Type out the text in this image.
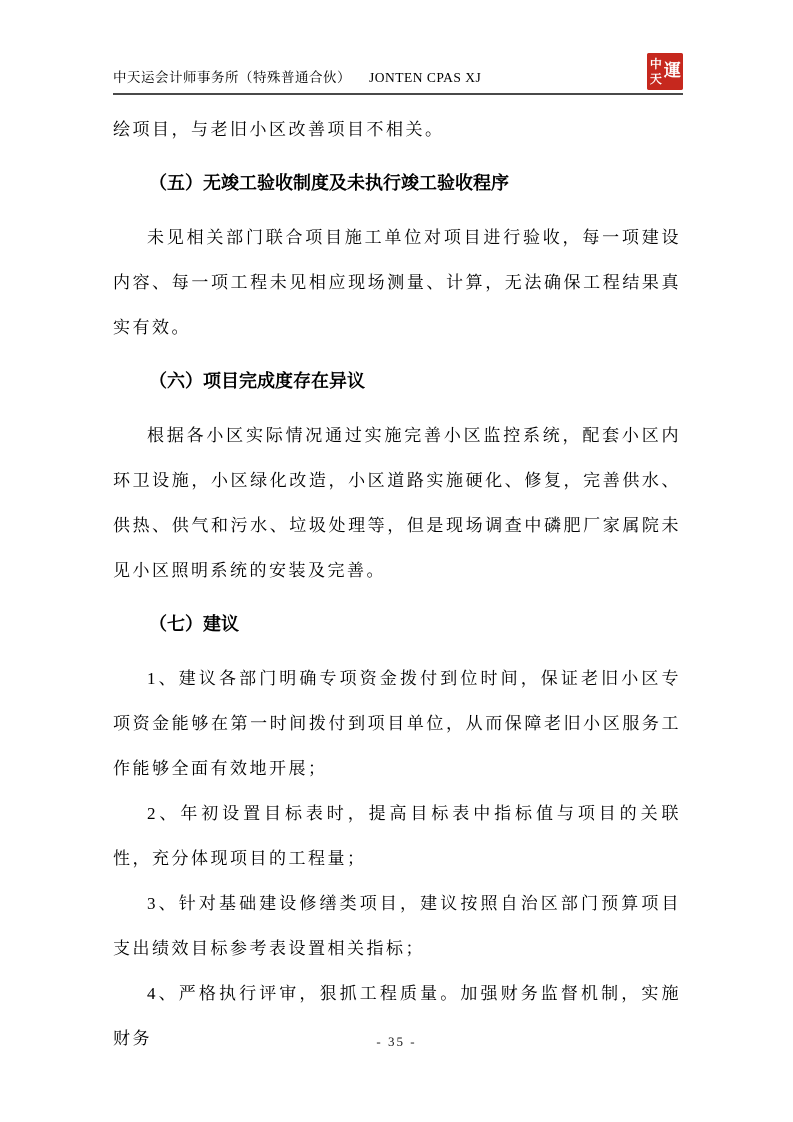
中天运会计师事务所（特殊普通合伙） JONTEN CPAS XJ
中
天 運

绘项目，与老旧小区改善项目不相关。

（五）无竣工验收制度及未执行竣工验收程序

未见相关部门联合项目施工单位对项目进行验收，每一项建设内容、每一项工程未见相应现场测量、计算，无法确保工程结果真实有效。

（六）项目完成度存在异议

根据各小区实际情况通过实施完善小区监控系统，配套小区内环卫设施，小区绿化改造，小区道路实施硬化、修复，完善供水、供热、供气和污水、垃圾处理等，但是现场调查中磷肥厂家属院未见小区照明系统的安装及完善。

（七）建议

1、建议各部门明确专项资金拨付到位时间，保证老旧小区专项资金能够在第一时间拨付到项目单位，从而保障老旧小区服务工作能够全面有效地开展；

2、年初设置目标表时，提高目标表中指标值与项目的关联性，充分体现项目的工程量；

3、针对基础建设修缮类项目，建议按照自治区部门预算项目支出绩效目标参考表设置相关指标；

4、严格执行评审，狠抓工程质量。加强财务监督机制，实施财务	- 35 -
